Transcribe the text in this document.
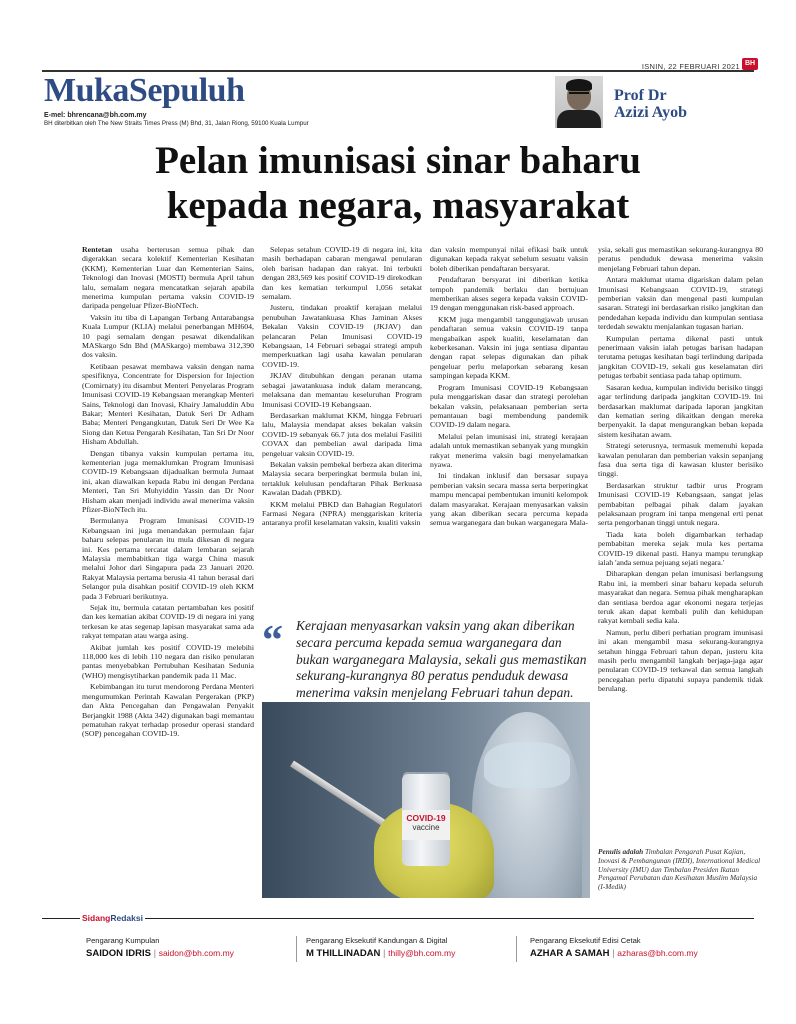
ISNIN, 22 FEBRUARI 2021 BH
MukaSepuluh
E-mel: bhrencana@bh.com.my
BH diterbitkan oleh The New Straits Times Press (M) Bhd, 31, Jalan Riong, 59100 Kuala Lumpur
Prof Dr
Azizi Ayob
Pelan imunisasi sinar baharu
kepada negara, masyarakat

Rentetan usaha berterusan semua pihak dan digerakkan secara kolektif Kementerian Kesihatan (KKM), Kementerian Luar dan Kementerian Sains, Teknologi dan Inovasi (MOSTI) bermula April tahun lalu, semalam negara mencatatkan sejarah apabila menerima kumpulan pertama vaksin COVID-19 daripada pengeluar Pfizer-BioNTech.

Vaksin itu tiba di Lapangan Terbang Antarabangsa Kuala Lumpur (KLIA) melalui penerbangan MH604, 10 pagi semalam dengan pesawat dikendalikan MASkargo Sdn Bhd (MASkargo) membawa 312,390 dos vaksin.

Ketibaan pesawat membawa vaksin dengan nama spesifiknya, Concentrate for Dispersion for Injection (Comirnaty) itu disambut Menteri Penyelaras Program Imunisasi COVID-19 Kebangsaan merangkap Menteri Sains, Teknologi dan Inovasi, Khairy Jamaluddin Abu Bakar; Menteri Kesihatan, Datuk Seri Dr Adham Baba; Menteri Pengangkutan, Datuk Seri Dr Wee Ka Siong dan Ketua Pengarah Kesihatan, Tan Sri Dr Noor Hisham Abdullah.

Dengan tibanya vaksin kumpulan pertama itu, kementerian juga memaklumkan Program Imunisasi COVID-19 Kebangsaan dijadualkan bermula Jumaat ini, akan diawalkan kepada Rabu ini dengan Perdana Menteri, Tan Sri Muhyiddin Yassin dan Dr Noor Hisham akan menjadi individu awal menerima vaksin Pfizer-BioNTech itu.

Bermulanya Program Imunisasi COVID-19 Kebangsaan ini juga menandakan permulaan fajar baharu selepas penularan itu mula dikesan di negara ini. Kes pertama tercatat dalam lembaran sejarah Malaysia membabitkan tiga warga China masuk melalui Johor dari Singapura pada 23 Januari 2020. Rakyat Malaysia pertama berusia 41 tahun berasal dari Selangor pula disahkan positif COVID-19 oleh KKM pada 3 Februari berikutnya.

Sejak itu, bermula catatan pertambahan kes positif dan kes kematian akibat COVID-19 di negara ini yang terkesan ke atas segenap lapisan masyarakat sama ada rakyat tempatan atau warga asing.

Akibat jumlah kes positif COVID-19 melebihi 118,000 kes di lebih 110 negara dan risiko penularan pantas menyebabkan Pertubuhan Kesihatan Sedunia (WHO) mengisytiharkan pandemik pada 11 Mac.

Kebimbangan itu turut mendorong Perdana Menteri mengumumkan Perintah Kawalan Pergerakan (PKP) dan Akta Pencegahan dan Pengawalan Penyakit Berjangkit 1988 (Akta 342) digunakan bagi memantau pematuhan rakyat terhadap prosedur operasi standard (SOP) pencegahan COVID-19.

Selepas setahun COVID-19 di negara ini, kita masih berhadapan cabaran mengawal penularan oleh barisan hadapan dan rakyat. Ini terbukti dengan 283,569 kes positif COVID-19 direkodkan dan kes kematian terkumpul 1,056 setakat semalam.

Justeru, tindakan proaktif kerajaan melalui penubuhan Jawatankuasa Khas Jaminan Akses Bekalan Vaksin COVID-19 (JKJAV) dan pelancaran Pelan Imunisasi COVID-19 Kebangsaan, 14 Februari sebagai strategi ampuh memperkuatkan lagi usaha kawalan penularan COVID-19.

JKJAV ditubuhkan dengan peranan utama sebagai jawatankuasa induk dalam merancang, melaksana dan memantau keseluruhan Program Imunisasi COVID-19 Kebangsaan.

Berdasarkan maklumat KKM, hingga Februari lalu, Malaysia mendapat akses bekalan vaksin COVID-19 sebanyak 66.7 juta dos melalui Fasiliti COVAX dan pembelian awal daripada lima pengeluar vaksin COVID-19.

Bekalan vaksin pembekal berbeza akan diterima Malaysia secara berperingkat bermula bulan ini, tertakluk kelulusan pendaftaran Pihak Berkuasa Kawalan Dadah (PBKD).

KKM melalui PBKD dan Bahagian Regulatori Farmasi Negara (NPRA) menggariskan kriteria antaranya profil keselamatan vaksin, kualiti vaksin

dan vaksin mempunyai nilai efikasi baik untuk digunakan kepada rakyat sebelum sesuatu vaksin boleh diberikan pendaftaran bersyarat.

Pendaftaran bersyarat ini diberikan ketika tempoh pandemik berlaku dan bertujuan memberikan akses segera kepada vaksin COVID-19 dengan menggunakan risk-based approach.

KKM juga mengambil tanggungjawab urusan pendaftaran semua vaksin COVID-19 tanpa mengabaikan aspek kualiti, keselamatan dan keberkesanan. Vaksin ini juga sentiasa dipantau dengan rapat selepas digunakan dan pihak pengeluar perlu melaporkan sebarang kesan sampingan kepada KKM.

Program Imunisasi COVID-19 Kebangsaan pula menggariskan dasar dan strategi perolehan bekalan vaksin, pelaksanaan pemberian serta pemantauan bagi membendung pandemik COVID-19 dalam negara.

Melalui pelan imunisasi ini, strategi kerajaan adalah untuk memastikan sebanyak yang mungkin rakyat menerima vaksin bagi menyelamatkan nyawa.

Ini tindakan inklusif dan bersasar supaya pemberian vaksin secara massa serta berperingkat mampu mencapai pembentukan imuniti kelompok dalam masyarakat. Kerajaan menyasarkan vaksin yang akan diberikan secara percuma kepada semua warganegara dan bukan warganegara Mala-

ysia, sekali gus memastikan sekurang-kurangnya 80 peratus penduduk dewasa menerima vaksin menjelang Februari tahun depan.

Antara maklumat utama digariskan dalam pelan Imunisasi Kebangsaan COVID-19, strategi pemberian vaksin dan mengenal pasti kumpulan sasaran. Strategi ini berdasarkan risiko jangkitan dan pendedahan kepada individu dan kumpulan sentiasa terdedah sewaktu menjalankan tugasan harian.

Kumpulan pertama dikenal pasti untuk penerimaan vaksin ialah petugas barisan hadapan terutama petugas kesihatan bagi terlindung daripada jangkitan COVID-19, sekali gus keselamatan diri petugas terbabit sentiasa pada tahap optimum.

Sasaran kedua, kumpulan individu berisiko tinggi agar terlindung daripada jangkitan COVID-19. Ini berdasarkan maklumat daripada laporan jangkitan dan kematian sering dikaitkan dengan mereka berpenyakit. Ia dapat mengurangkan beban kepada sistem kesihatan awam.

Strategi seterusnya, termasuk memenuhi kepada kawalan penularan dan pemberian vaksin sepanjang fasa dua serta tiga di kawasan kluster berisiko tinggi.

Berdasarkan struktur tadbir urus Program Imunisasi COVID-19 Kebangsaan, sangat jelas pembabitan pelbagai pihak dalam jayakan pelaksanaan program ini tanpa mengenal erti penat serta pengorbanan tinggi untuk negara.

Tiada kata boleh digambarkan terhadap pembabitan mereka sejak mula kes pertama COVID-19 dikenal pasti. Hanya mampu terungkap ialah 'anda semua pejuang sejati negara.'

Diharapkan dengan pelan imunisasi berlangsung Rabu ini, ia memberi sinar baharu kepada seluruh masyarakat dan negara. Semua pihak mengharapkan dan sentiasa berdoa agar ekonomi negara terjejas teruk akan dapat kembali pulih dan kehidupan rakyat kembali sedia kala.

Namun, perlu diberi perhatian program imunisasi ini akan mengambil masa sekurang-kurangnya setahun hingga Februari tahun depan, justeru kita masih perlu mengambil langkah berjaga-jaga agar penularan COVID-19 terkawal dan semua langkah pencegahan perlu dipatuhi supaya pandemik tidak berulang.

“ Kerajaan menyasarkan vaksin yang akan diberikan secara percuma kepada semua warganegara dan bukan warganegara Malaysia, sekali gus memastikan sekurang-kurangnya 80 peratus penduduk dewasa menerima vaksin menjelang Februari tahun depan.
COVID-19
vaccine
Penulis adalah Timbalan Pengarah Pusat Kajian, Inovasi & Pembangunan (IRDI), International Medical University (IMU) dan Timbalan Presiden Ikatan Pengamal Perubatan dan Kesihatan Muslim Malaysia (I-Medik)
SidangRedaksi
Pengarang Kumpulan
SAIDON IDRIS | saidon@bh.com.my
Pengarang Eksekutif Kandungan & Digital
M THILLINADAN | thilly@bh.com.my
Pengarang Eksekutif Edisi Cetak
AZHAR A SAMAH | azharas@bh.com.my
